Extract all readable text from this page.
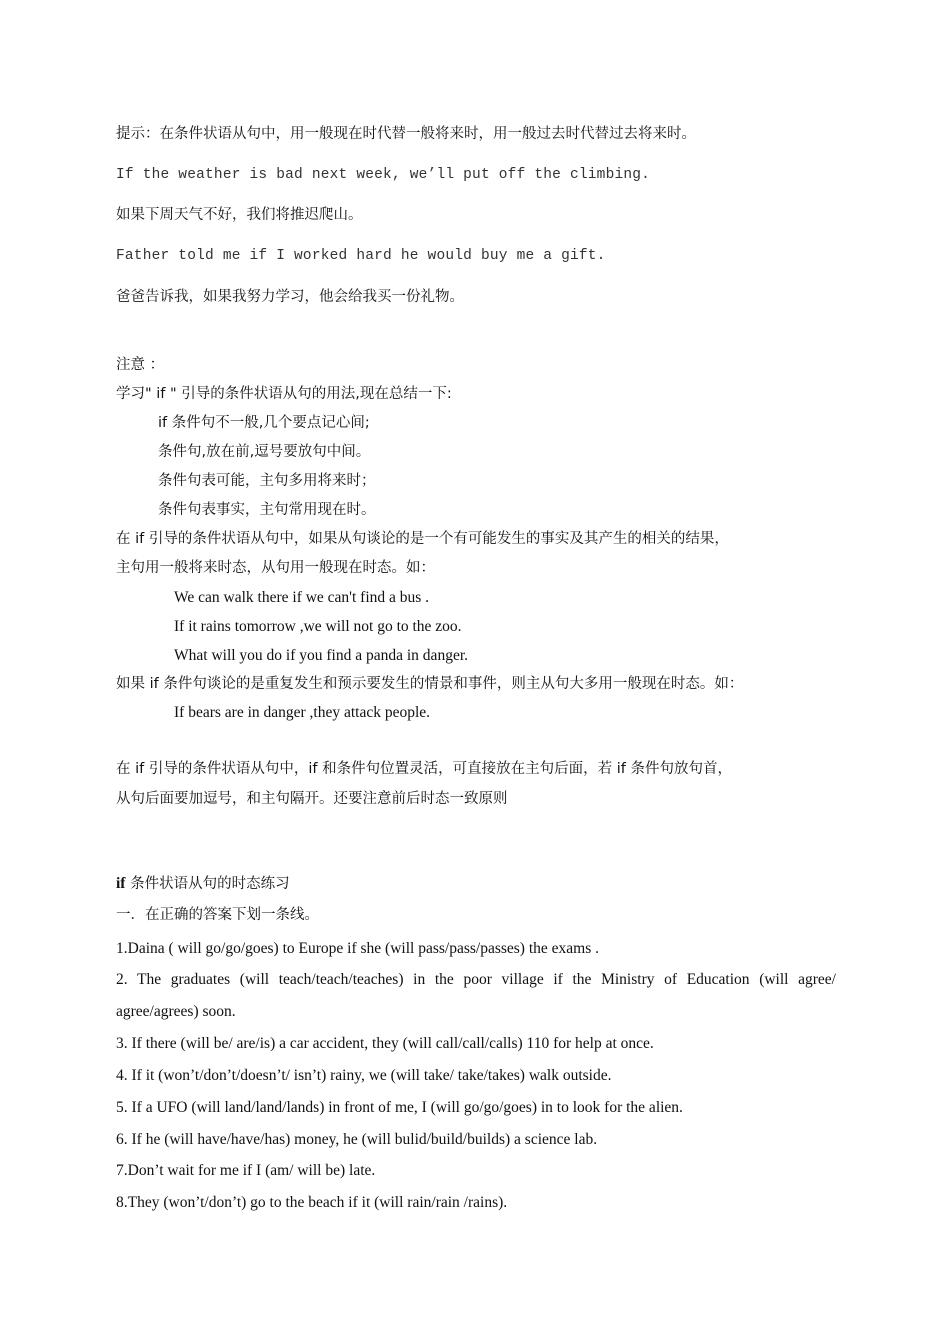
提示：在条件状语从句中，用一般现在时代替一般将来时，用一般过去时代替过去将来时。
If the weather is bad next week, we’ll put off the climbing.
如果下周天气不好，我们将推迟爬山。
Father told me if I worked hard he would buy me a gift.
爸爸告诉我，如果我努力学习，他会给我买一份礼物。
注意 ：
学习" if " 引导的条件状语从句的用法,现在总结一下:
if 条件句不一般,几个要点记心间;
条件句,放在前,逗号要放句中间。
条件句表可能，主句多用将来时；
条件句表事实，主句常用现在时。
在 if 引导的条件状语从句中，如果从句谈论的是一个有可能发生的事实及其产生的相关的结果，
主句用一般将来时态，从句用一般现在时态。如：
We can walk there if we can't find a bus .
If it rains tomorrow ,we will not go to the zoo.
What will you do if you find a panda in danger.
如果 if 条件句谈论的是重复发生和预示要发生的情景和事件，则主从句大多用一般现在时态。如：
If bears are in danger ,they attack people.
在 if 引导的条件状语从句中，if 和条件句位置灵活，可直接放在主句后面，若 if 条件句放句首，
从句后面要加逗号，和主句隔开。还要注意前后时态一致原则
if 条件状语从句的时态练习
一．在正确的答案下划一条线。
1.Daina ( will go/go/goes) to Europe if she (will pass/pass/passes) the exams .
2. The graduates (will teach/teach/teaches) in the poor village if the Ministry of Education (will agree/
agree/agrees) soon.
3. If there (will be/ are/is) a car accident, they (will call/call/calls) 110 for help at once.
4. If it (won’t/don’t/doesn’t/ isn’t) rainy, we (will take/ take/takes) walk outside.
5. If a UFO (will land/land/lands) in front of me, I (will go/go/goes) in to look for the alien.
6. If he (will have/have/has) money, he (will bulid/build/builds) a science lab.
7.Don’t wait for me if I (am/ will be) late.
8.They (won’t/don’t) go to the beach if it (will rain/rain /rains).
